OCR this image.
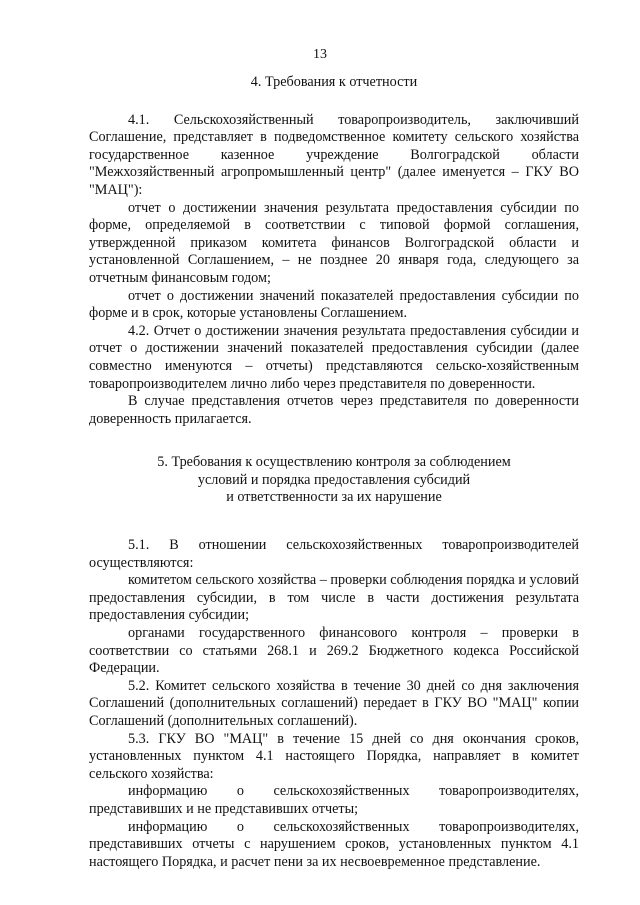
13
4. Требования к отчетности

4.1. Сельскохозяйственный товаропроизводитель, заключивший Соглашение, представляет в подведомственное комитету сельского хозяйства государственное казенное учреждение Волгоградской области "Межхозяйственный агропромышленный центр" (далее именуется – ГКУ ВО "МАЦ"):

отчет о достижении значения результата предоставления субсидии по форме, определяемой в соответствии с типовой формой соглашения, утвержденной приказом комитета финансов Волгоградской области и установленной Соглашением, – не позднее 20 января года, следующего за отчетным финансовым годом;

отчет о достижении значений показателей предоставления субсидии по форме и в срок, которые установлены Соглашением.

4.2. Отчет о достижении значения результата предоставления субсидии и отчет о достижении значений показателей предоставления субсидии (далее совместно именуются – отчеты) представляются сельско-хозяйственным товаропроизводителем лично либо через представителя по доверенности.

В случае представления отчетов через представителя по доверенности доверенность прилагается.

5. Требования к осуществлению контроля за соблюдением
условий и порядка предоставления субсидий
и ответственности за их нарушение

5.1. В отношении сельскохозяйственных товаропроизводителей осуществляются:

комитетом сельского хозяйства – проверки соблюдения порядка и условий предоставления субсидии, в том числе в части достижения результата предоставления субсидии;

органами государственного финансового контроля – проверки в соответствии со статьями 268.1 и 269.2 Бюджетного кодекса Российской Федерации.

5.2. Комитет сельского хозяйства в течение 30 дней со дня заключения Соглашений (дополнительных соглашений) передает в ГКУ ВО "МАЦ" копии Соглашений (дополнительных соглашений).

5.3. ГКУ ВО "МАЦ" в течение 15 дней со дня окончания сроков, установленных пунктом 4.1 настоящего Порядка, направляет в комитет сельского хозяйства:

информацию о сельскохозяйственных товаропроизводителях, представивших и не представивших отчеты;

информацию о сельскохозяйственных товаропроизводителях, представивших отчеты с нарушением сроков, установленных пунктом 4.1 настоящего Порядка, и расчет пени за их несвоевременное представление.
